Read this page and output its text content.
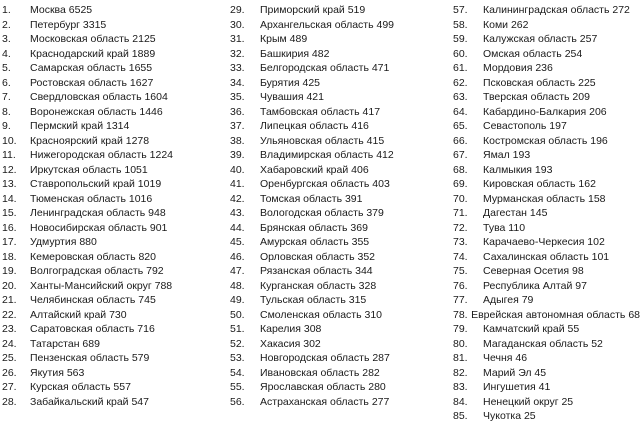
1.	Москва 6525
2.	Петербург 3315
3.	Московская область 2125
4.	Краснодарский край 1889
5.	Самарская область 1655
6.	Ростовская область 1627
7.	Свердловская область 1604
8.	Воронежская область 1446
9.	Пермский край 1314
10.	Красноярский край 1278
11.	Нижегородская область 1224
12.	Иркутская область 1051
13.	Ставропольский край 1019
14.	Тюменская область 1016
15.	Ленинградская область 948
16.	Новосибирская область 901
17.	Удмуртия 880
18.	Кемеровская область 820
19.	Волгоградская область 792
20.	Ханты-Мансийский округ 788
21.	Челябинская область 745
22.	Алтайский край 730
23.	Саратовская область 716
24.	Татарстан 689
25.	Пензенская область 579
26.	Якутия 563
27.	Курская область 557
28.	Забайкальский край 547
29.	Приморский край 519
30.	Архангельская область 499
31.	Крым 489
32.	Башкирия 482
33.	Белгородская область 471
34.	Бурятия 425
35.	Чувашия 421
36.	Тамбовская область 417
37.	Липецкая область 416
38.	Ульяновская область 415
39.	Владимирская область 412
40.	Хабаровский край 406
41.	Оренбургская область 403
42.	Томская область 391
43.	Вологодская область 379
44.	Брянская область 369
45.	Амурская область 355
46.	Орловская область 352
47.	Рязанская область 344
48.	Курганская область 328
49.	Тульская область 315
50.	Смоленская область 310
51.	Карелия 308
52.	Хакасия 302
53.	Новгородская область 287
54.	Ивановская область 282
55.	Ярославская область 280
56.	Астраханская область 277
57.	Калининградская область 272
58.	Коми 262
59.	Калужская область 257
60.	Омская область 254
61.	Мордовия 236
62.	Псковская область 225
63.	Тверская область 209
64.	Кабардино-Балкария 206
65.	Севастополь 197
66.	Костромская область 196
67.	Ямал 193
68.	Калмыкия 193
69.	Кировская область 162
70.	Мурманская область 158
71.	Дагестан 145
72.	Тува 110
73.	Карачаево-Черкесия 102
74.	Сахалинская область 101
75.	Северная Осетия 98
76.	Республика Алтай 97
77.	Адыгея 79
78. Еврейская автономная область 68
79.	Камчатский край 55
80.	Магаданская область 52
81.	Чечня 46
82.	Марий Эл 45
83.	Ингушетия 41
84.	Ненецкий округ 25
85.	Чукотка 25
